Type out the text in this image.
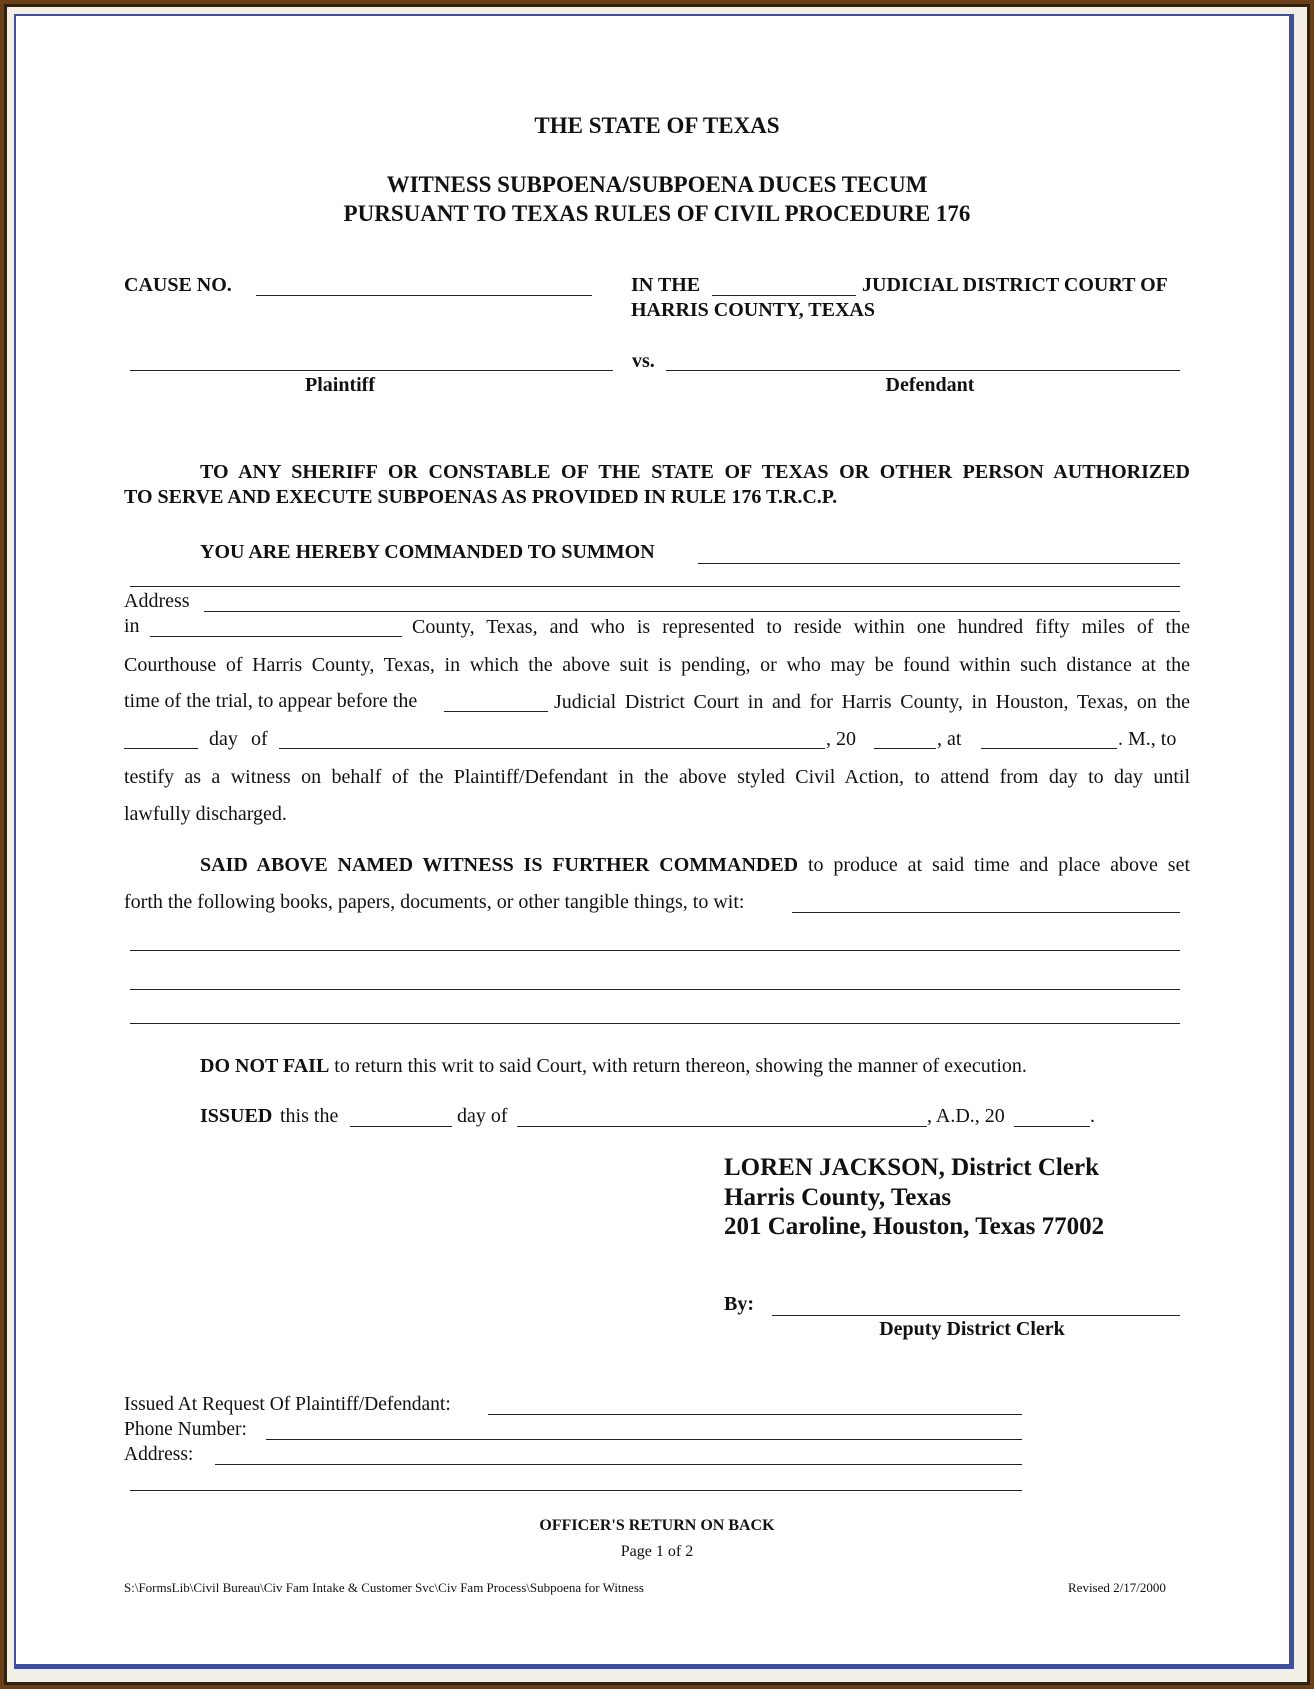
THE STATE OF TEXAS
WITNESS SUBPOENA/SUBPOENA DUCES TECUM
PURSUANT TO TEXAS RULES OF CIVIL PROCEDURE 176
CAUSE NO.	IN THE	JUDICIAL DISTRICT COURT OF
HARRIS COUNTY, TEXAS
vs.
Plaintiff	Defendant
TO ANY SHERIFF OR CONSTABLE OF THE STATE OF TEXAS OR OTHER PERSON AUTHORIZED
TO SERVE AND EXECUTE SUBPOENAS AS PROVIDED IN RULE 176 T.R.C.P.
YOU ARE HEREBY COMMANDED TO SUMMON
Address
in	County, Texas, and who is represented to reside within one hundred fifty miles of the
Courthouse of Harris County, Texas, in which the above suit is pending, or who may be found within such distance at the
time of the trial, to appear before the	Judicial District Court in and for Harris County, in Houston, Texas, on the
day of	, 20	, at	. M., to
testify as a witness on behalf of the Plaintiff/Defendant in the above styled Civil Action, to attend from day to day until
lawfully discharged.
SAID ABOVE NAMED WITNESS IS FURTHER COMMANDED to produce at said time and place above set
forth the following books, papers, documents, or other tangible things, to wit:
DO NOT FAIL to return this writ to said Court, with return thereon, showing the manner of execution.
ISSUED this the	day of	, A.D., 20	.
LOREN JACKSON, District Clerk
Harris County, Texas
201 Caroline, Houston, Texas 77002
By:
Deputy District Clerk
Issued At Request Of Plaintiff/Defendant:
Phone Number:
Address:
OFFICER'S RETURN ON BACK
Page 1 of 2
S:\FormsLib\Civil Bureau\Civ Fam Intake & Customer Svc\Civ Fam Process\Subpoena for Witness	Revised 2/17/2000
